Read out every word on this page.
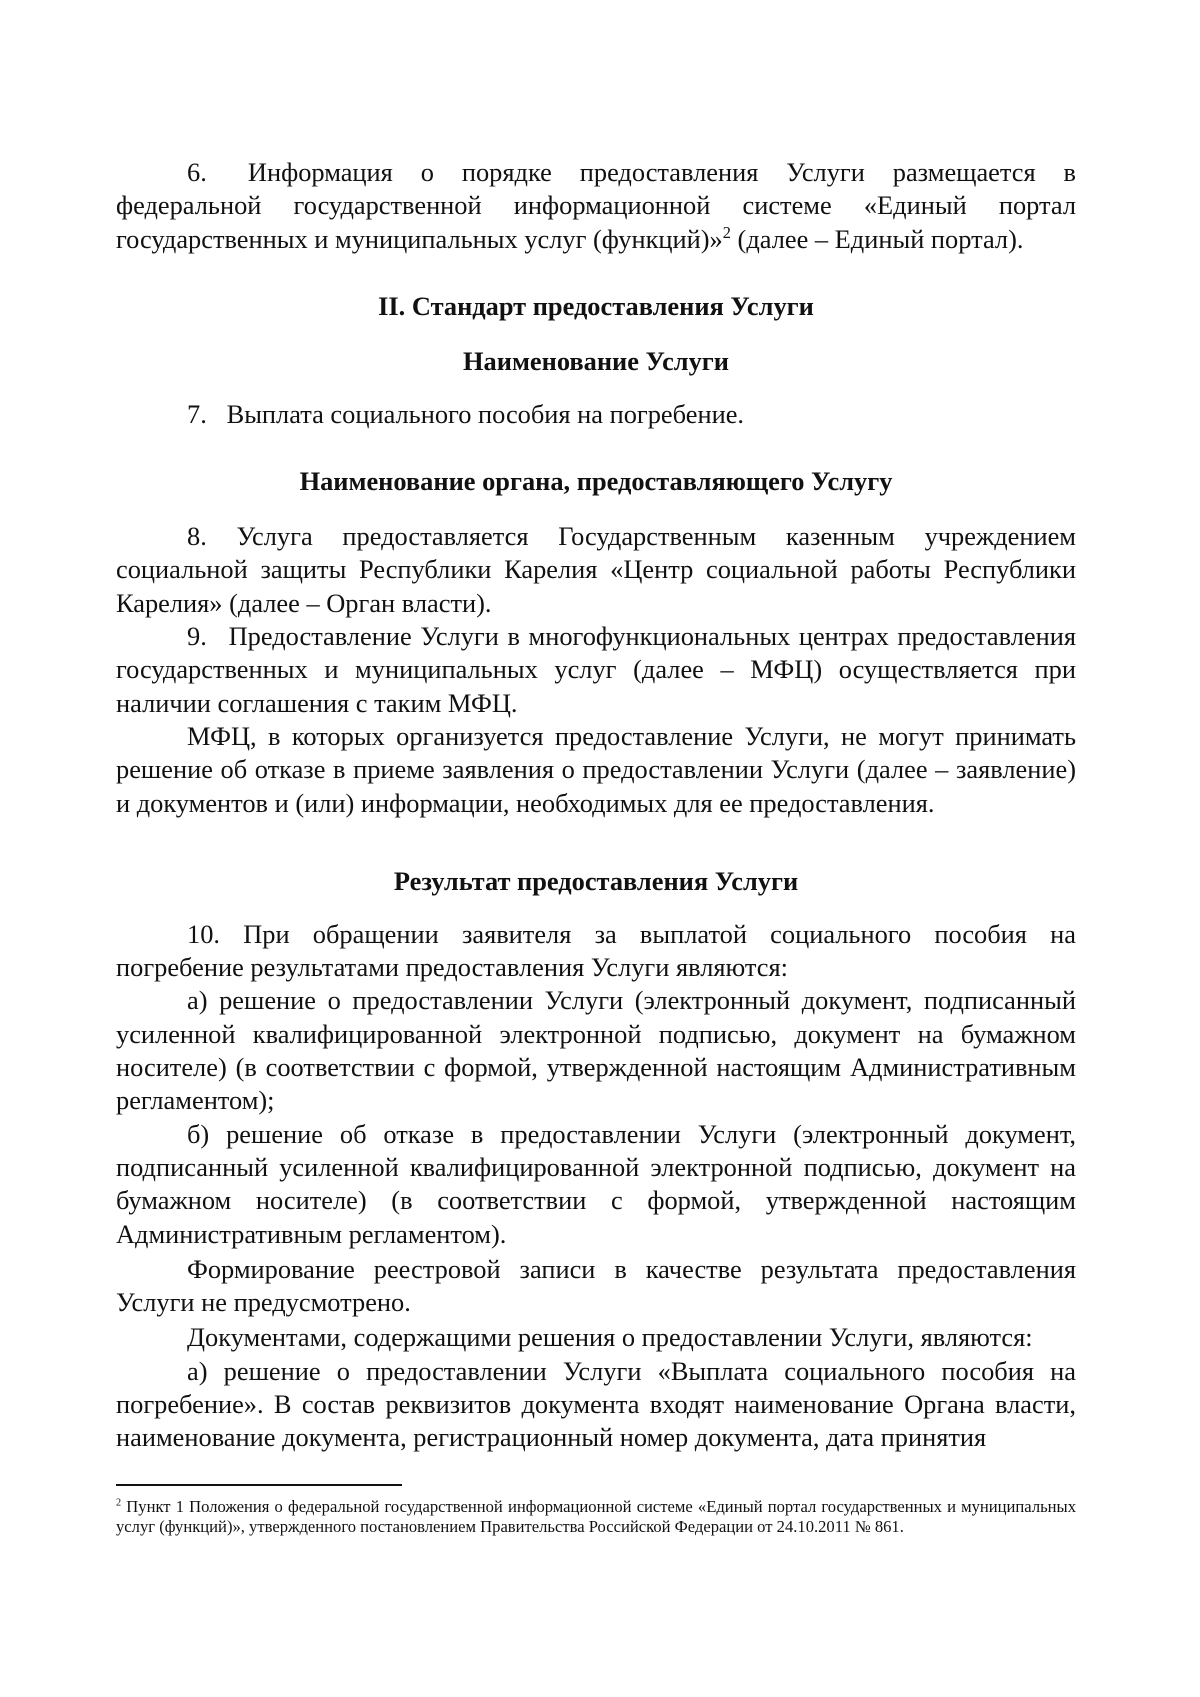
6.  Информация о порядке предоставления Услуги размещается в федеральной государственной информационной системе «Единый портал государственных и муниципальных услуг (функций)»$^2$ (далее – Единый портал).

II. Стандарт предоставления Услуги
Наименование Услуги

7.  Выплата социального пособия на погребение.

Наименование органа, предоставляющего Услугу

8. Услуга предоставляется Государственным казенным учреждением социальной защиты Республики Карелия «Центр социальной работы Республики Карелия» (далее – Орган власти).

9.  Предоставление Услуги в многофункциональных центрах предоставления государственных и муниципальных услуг (далее – МФЦ) осуществляется при наличии соглашения с таким МФЦ.

МФЦ, в которых организуется предоставление Услуги, не могут принимать решение об отказе в приеме заявления о предоставлении Услуги (далее – заявление) и документов и (или) информации, необходимых для ее предоставления.

Результат предоставления Услуги

10. При обращении заявителя за выплатой социального пособия на погребение результатами предоставления Услуги являются:

а) решение о предоставлении Услуги (электронный документ, подписанный усиленной квалифицированной электронной подписью, документ на бумажном носителе) (в соответствии с формой, утвержденной настоящим Административным регламентом);

б) решение об отказе в предоставлении Услуги (электронный документ, подписанный усиленной квалифицированной электронной подписью, документ на бумажном носителе) (в соответствии с формой, утвержденной настоящим Административным регламентом).

Формирование реестровой записи в качестве результата предоставления Услуги не предусмотрено.

Документами, содержащими решения о предоставлении Услуги, являются:

а) решение о предоставлении Услуги «Выплата социального пособия на погребение». В состав реквизитов документа входят наименование Органа власти, наименование документа, регистрационный номер документа, дата принятия

$^2$ Пункт 1 Положения о федеральной государственной информационной системе «Единый портал государственных и муниципальных услуг (функций)», утвержденного постановлением Правительства Российской Федерации от 24.10.2011 № 861.
